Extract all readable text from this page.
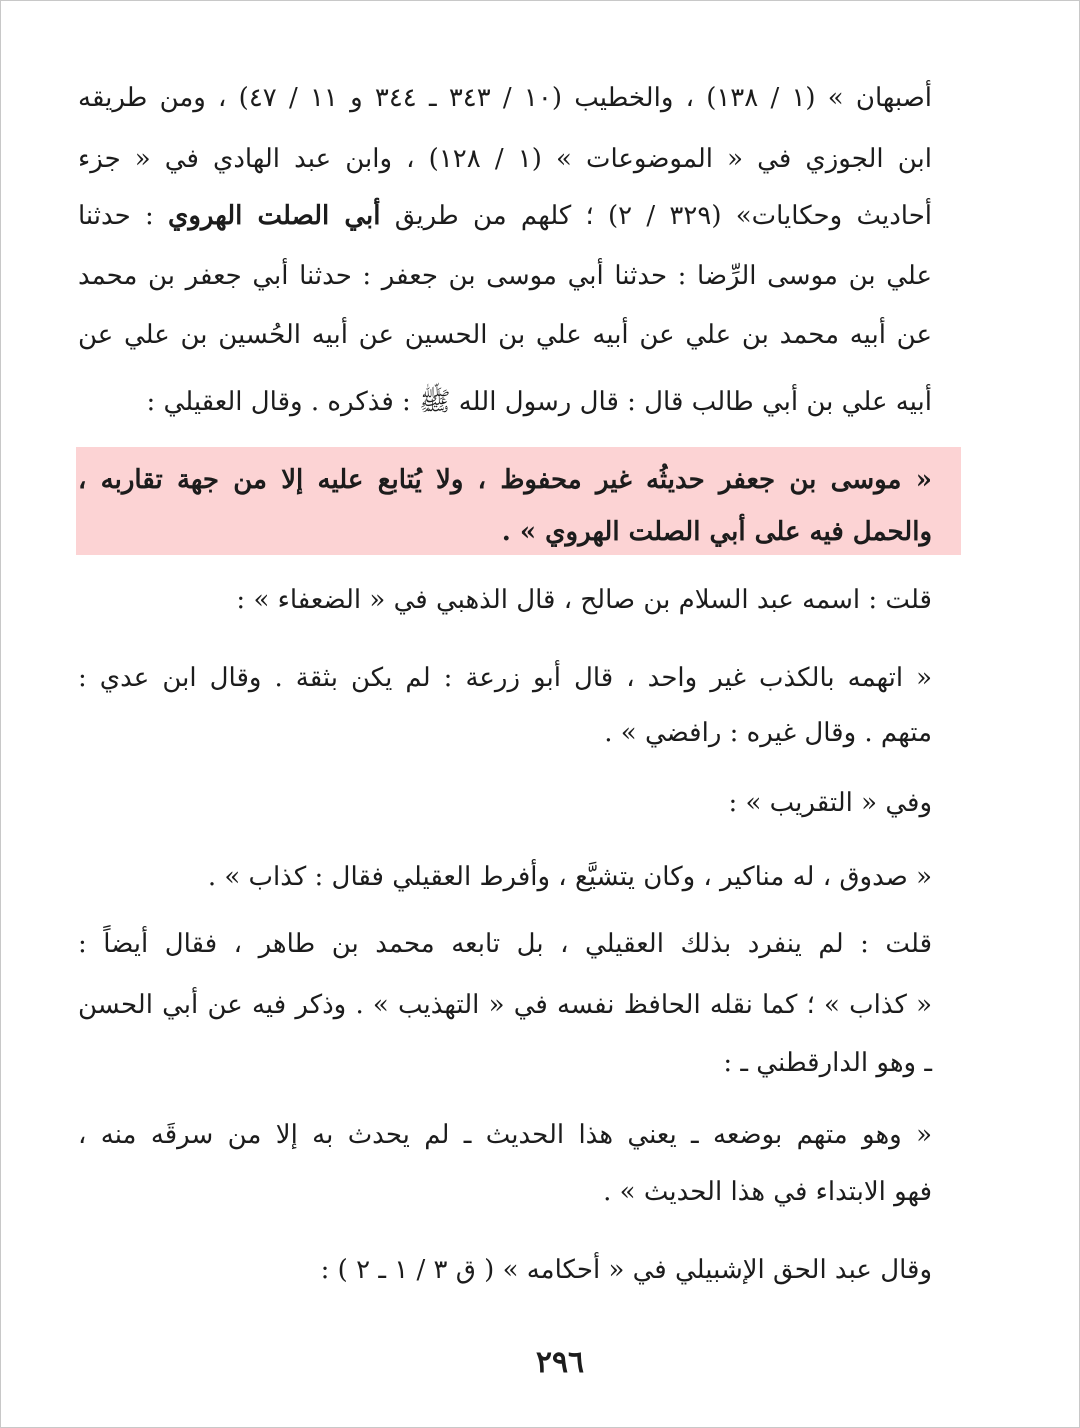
أصبهان » (١ / ١٣٨) ، والخطيب (١٠ / ٣٤٣ ـ ٣٤٤ و ١١ / ٤٧) ، ومن طريقه
ابن الجوزي في « الموضوعات » (١ / ١٢٨) ، وابن عبد الهادي في « جزء
أحاديث وحكايات» (٣٢٩ / ٢) ؛ كلهم من طريق أبي الصلت الهروي : حدثنا
علي بن موسى الرِّضا : حدثنا أبي موسى بن جعفر : حدثنا أبي جعفر بن محمد
عن أبيه محمد بن علي عن أبيه علي بن الحسين عن أبيه الحُسين بن علي عن
أبيه علي بن أبي طالب قال : قال رسول الله ﷺ : فذكره . وقال العقيلي :
« موسى بن جعفر حديثُه غير محفوظ ، ولا يُتابع عليه إلا من جهة تقاربه ،
والحمل فيه على أبي الصلت الهروي » .
قلت : اسمه عبد السلام بن صالح ، قال الذهبي في « الضعفاء » :
« اتهمه بالكذب غير واحد ، قال أبو زرعة : لم يكن بثقة . وقال ابن عدي :
متهم . وقال غيره : رافضي » .
وفي « التقريب » :
« صدوق ، له مناكير ، وكان يتشيَّع ، وأفرط العقيلي فقال : كذاب » .
قلت : لم ينفرد بذلك العقيلي ، بل تابعه محمد بن طاهر ، فقال أيضاً :
« كذاب » ؛ كما نقله الحافظ نفسه في « التهذيب » . وذكر فيه عن أبي الحسن
ـ وهو الدارقطني ـ :
« وهو متهم بوضعه ـ يعني هذا الحديث ـ لم يحدث به إلا من سرقَه منه ،
فهو الابتداء في هذا الحديث » .
وقال عبد الحق الإشبيلي في « أحكامه » ( ق ٣ / ١ ـ ٢ ) :
٢٩٦
